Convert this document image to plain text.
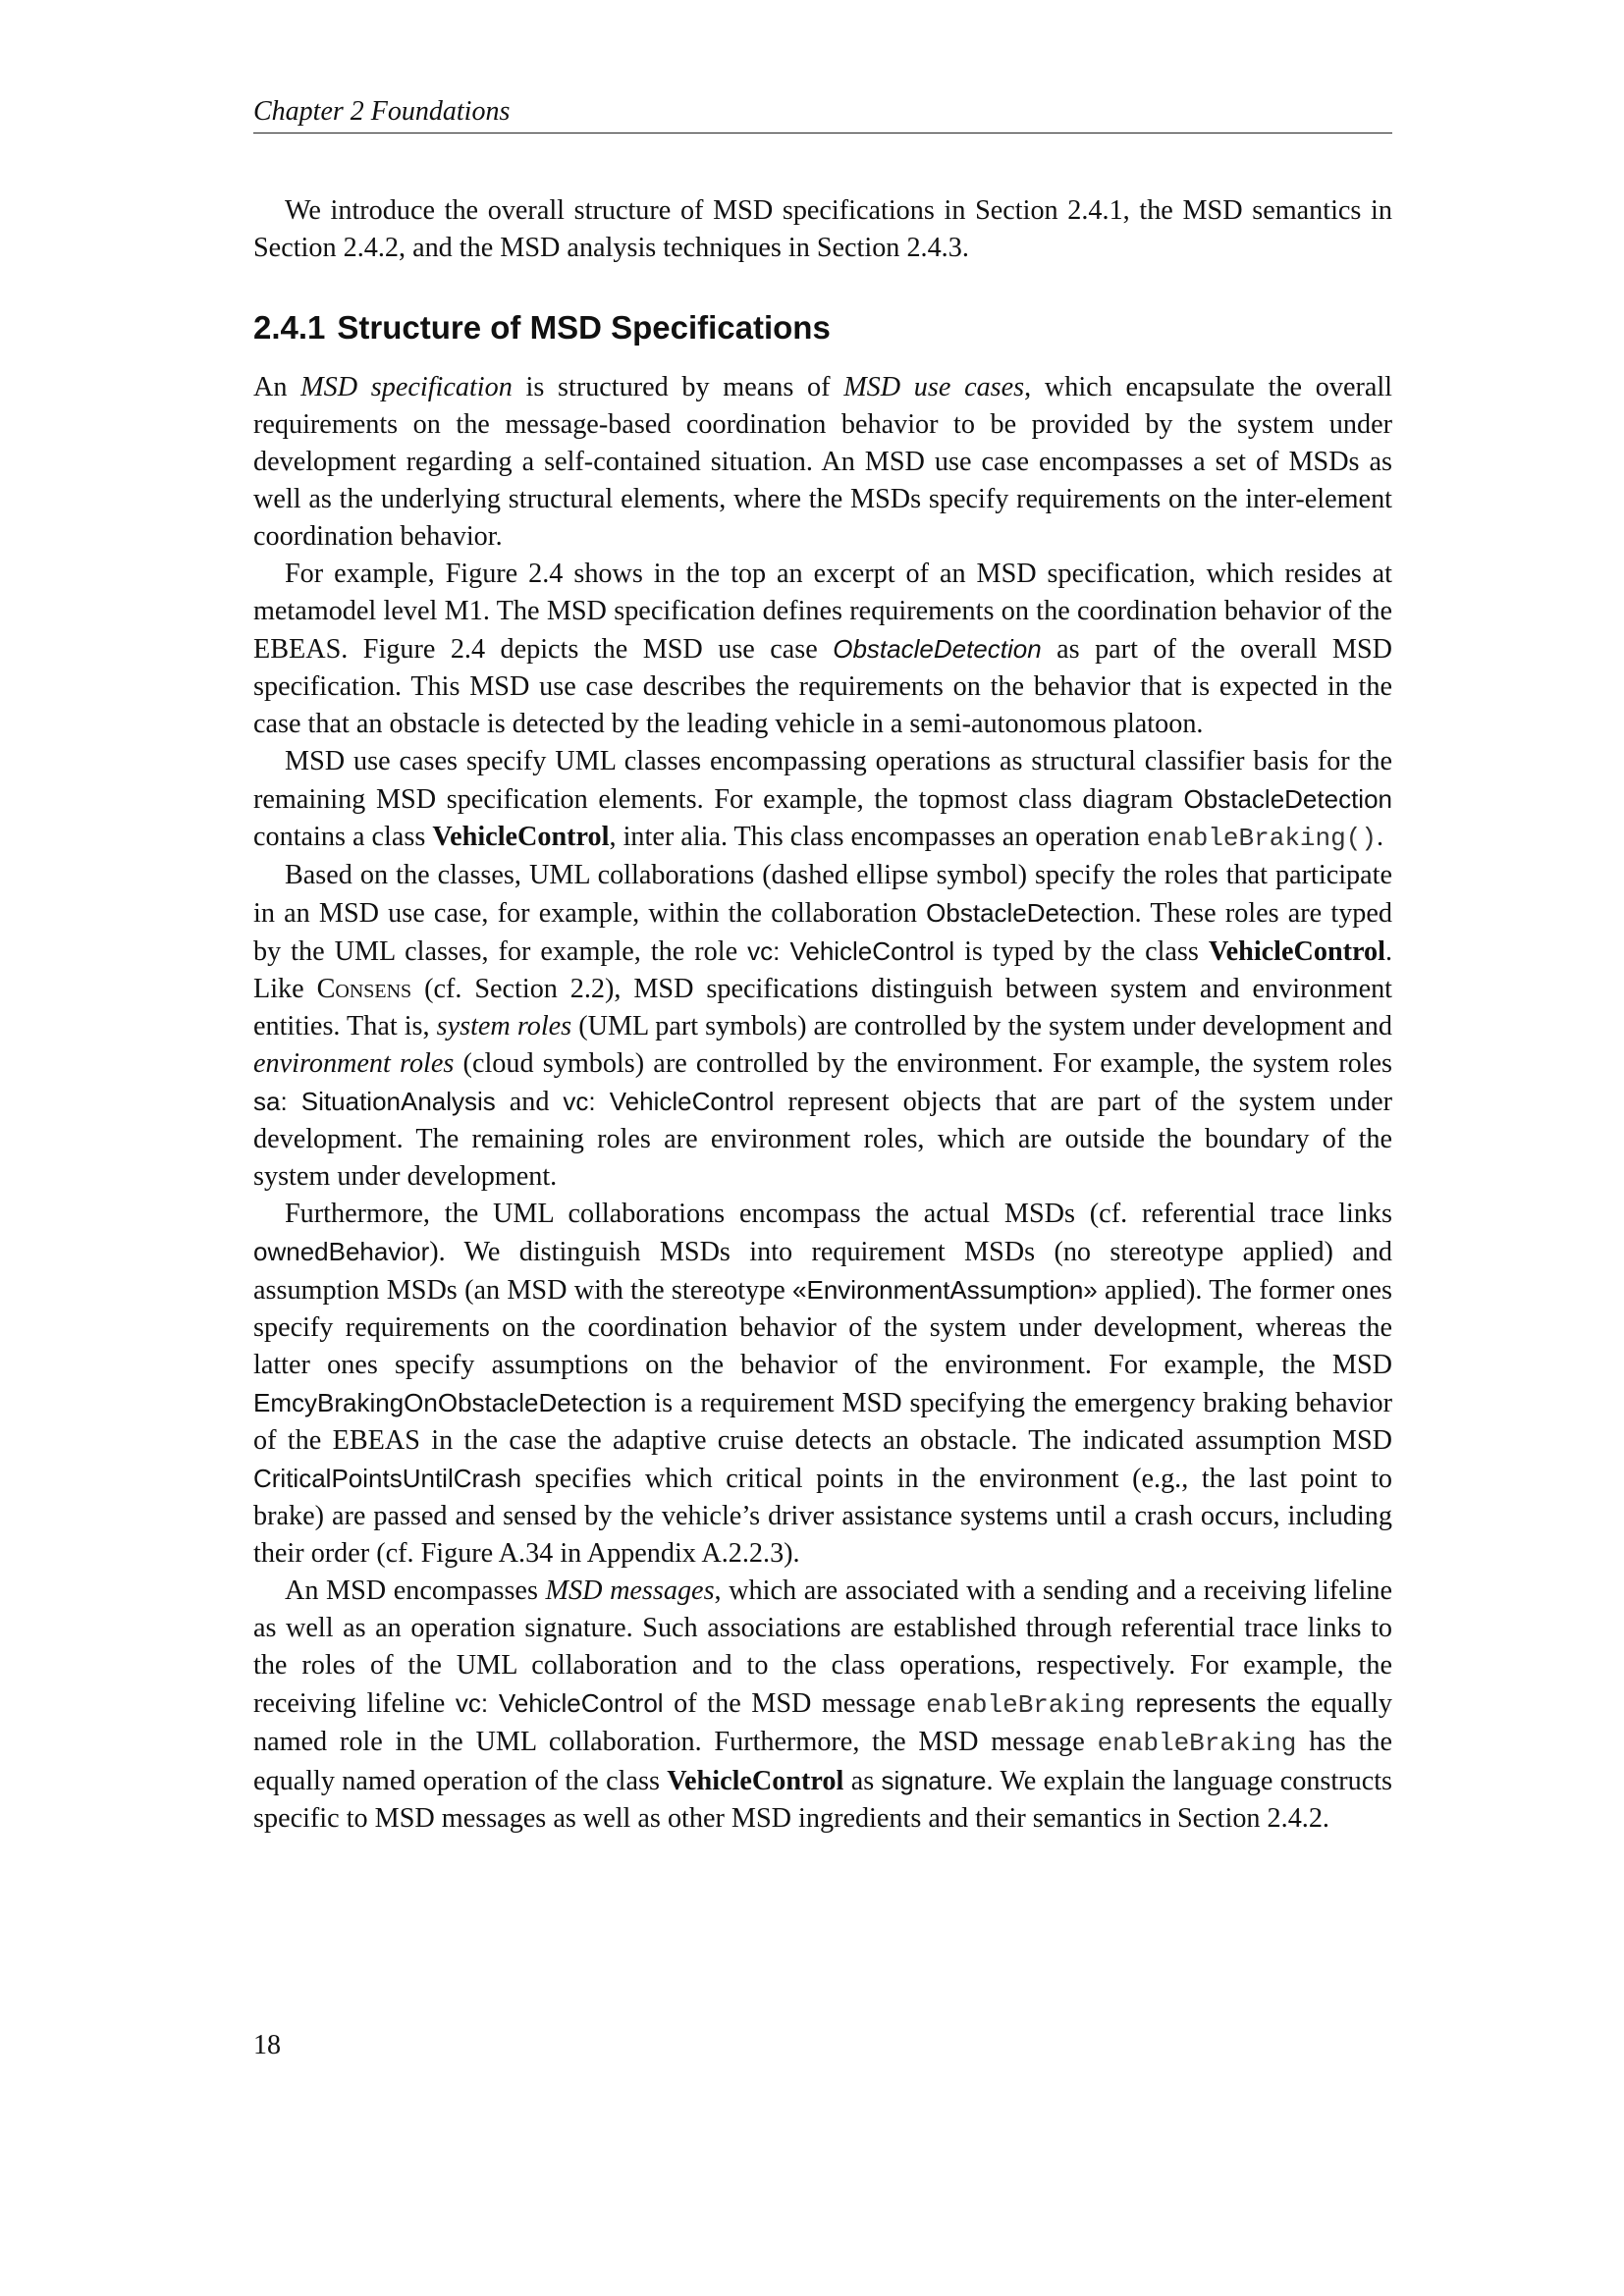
Chapter 2 Foundations

We introduce the overall structure of MSD specifications in Section 2.4.1, the MSD semantics in Section 2.4.2, and the MSD analysis techniques in Section 2.4.3.

2.4.1 Structure of MSD Specifications

An MSD specification is structured by means of MSD use cases, which encapsulate the overall requirements on the message-based coordination behavior to be provided by the system under development regarding a self-contained situation. An MSD use case encompasses a set of MSDs as well as the underlying structural elements, where the MSDs specify requirements on the inter-element coordination behavior.

For example, Figure 2.4 shows in the top an excerpt of an MSD specification, which resides at metamodel level M1. The MSD specification defines requirements on the coordination behavior of the EBEAS. Figure 2.4 depicts the MSD use case ObstacleDetection as part of the overall MSD specification. This MSD use case describes the requirements on the behavior that is expected in the case that an obstacle is detected by the leading vehicle in a semi-autonomous platoon.

MSD use cases specify UML classes encompassing operations as structural classifier basis for the remaining MSD specification elements. For example, the topmost class diagram ObstacleDetection contains a class VehicleControl, inter alia. This class encompasses an operation enableBraking().

Based on the classes, UML collaborations (dashed ellipse symbol) specify the roles that participate in an MSD use case, for example, within the collaboration ObstacleDetection. These roles are typed by the UML classes, for example, the role vc: VehicleControl is typed by the class VehicleControl. Like Consens (cf. Section 2.2), MSD specifications distinguish between system and environment entities. That is, system roles (UML part symbols) are controlled by the system under development and environment roles (cloud symbols) are controlled by the environment. For example, the system roles sa: SituationAnalysis and vc: VehicleControl represent objects that are part of the system under development. The remaining roles are environment roles, which are outside the boundary of the system under development.

Furthermore, the UML collaborations encompass the actual MSDs (cf. referential trace links ownedBehavior). We distinguish MSDs into requirement MSDs (no stereotype applied) and assumption MSDs (an MSD with the stereotype «EnvironmentAssumption» applied). The former ones specify requirements on the coordination behavior of the system under development, whereas the latter ones specify assumptions on the behavior of the environment. For example, the MSD EmcyBrakingOnObstacleDetection is a requirement MSD specifying the emergency braking behavior of the EBEAS in the case the adaptive cruise detects an obstacle. The indicated assumption MSD CriticalPointsUntilCrash specifies which critical points in the environment (e.g., the last point to brake) are passed and sensed by the vehicle’s driver assistance systems until a crash occurs, including their order (cf. Figure A.34 in Appendix A.2.2.3).

An MSD encompasses MSD messages, which are associated with a sending and a receiving lifeline as well as an operation signature. Such associations are established through referential trace links to the roles of the UML collaboration and to the class operations, respectively. For example, the receiving lifeline vc: VehicleControl of the MSD message enableBraking represents the equally named role in the UML collaboration. Furthermore, the MSD message enableBraking has the equally named operation of the class VehicleControl as signature. We explain the language constructs specific to MSD messages as well as other MSD ingredients and their semantics in Section 2.4.2.

18
